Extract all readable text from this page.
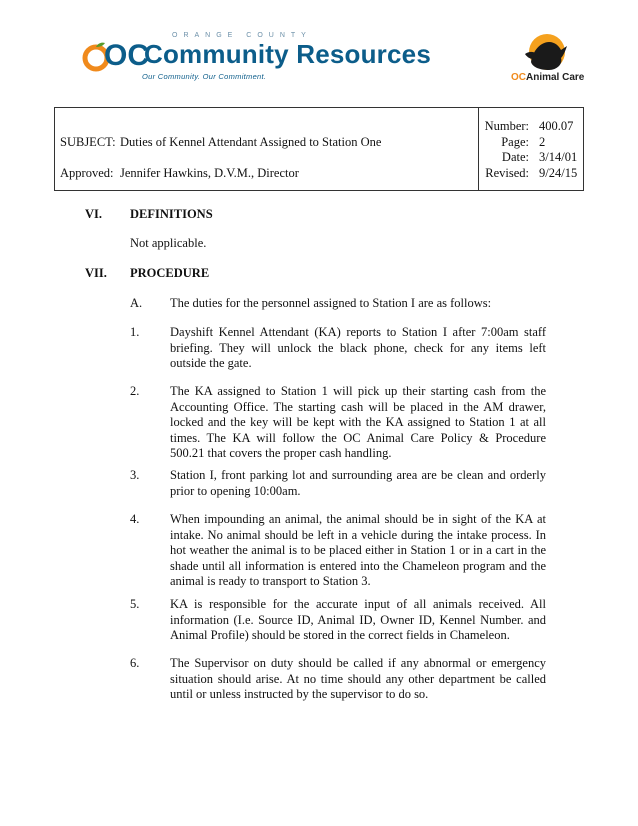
ORANGE COUNTY
OC
Community Resources
Our Community. Our Commitment.	OCAnimal Care
SUBJECT: Duties of Kennel Attendant Assigned to Station One
Approved: Jennifer Hawkins, D.V.M., Director
Number:
Page:
Date:
Revised:
400.07
2
3/14/01
9/24/15
VI. DEFINITIONS
Not applicable.
VII. PROCEDURE
A. The duties for the personnel assigned to Station I are as follows:
1. Dayshift Kennel Attendant (KA) reports to Station I after 7:00am staff briefing. They will unlock the black phone, check for any items left outside the gate.
2. The KA assigned to Station 1 will pick up their starting cash from the Accounting Office. The starting cash will be placed in the AM drawer, locked and the key will be kept with the KA assigned to Station 1 at all times. The KA will follow the OC Animal Care Policy & Procedure 500.21 that covers the proper cash handling.
3. Station I, front parking lot and surrounding area are be clean and orderly prior to opening 10:00am.
4. When impounding an animal, the animal should be in sight of the KA at intake. No animal should be left in a vehicle during the intake process. In hot weather the animal is to be placed either in Station 1 or in a cart in the shade until all information is entered into the Chameleon program and the animal is ready to transport to Station 3.
5. KA is responsible for the accurate input of all animals received. All information (I.e. Source ID, Animal ID, Owner ID, Kennel Number. and Animal Profile) should be stored in the correct fields in Chameleon.
6. The Supervisor on duty should be called if any abnormal or emergency situation should arise. At no time should any other department be called until or unless instructed by the supervisor to do so.
